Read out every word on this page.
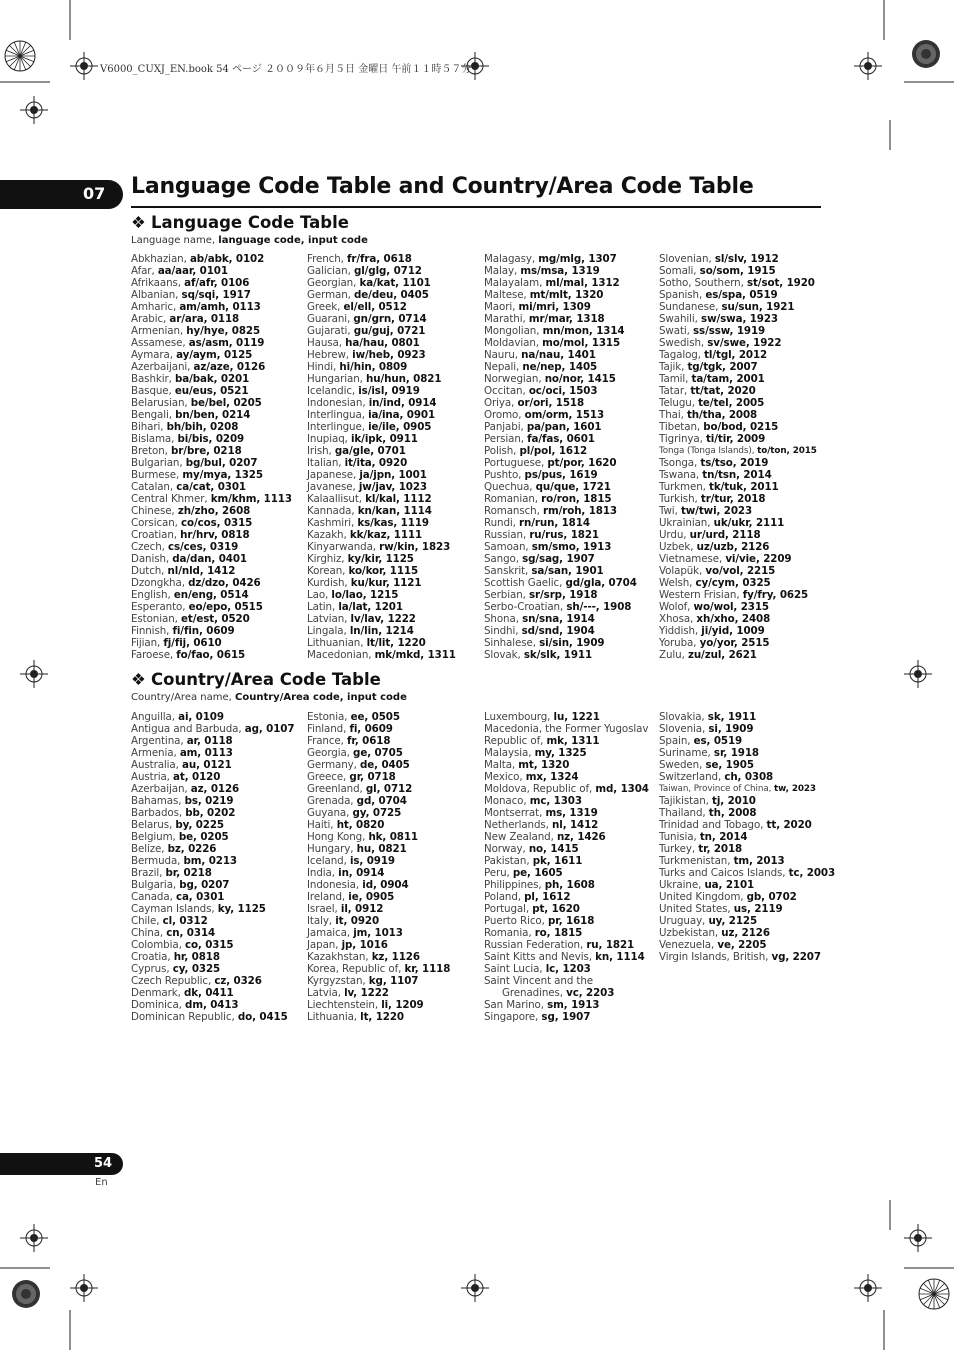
V6000_CUXJ_EN.book 54 ページ ２００９年６月５日 金曜日 午前１１時５７分
07 Language Code Table and Country/Area Code Table
❖ Language Code Table
Language name, language code, input code
Abkhazian, ab/abk, 0102
Afar, aa/aar, 0101
Afrikaans, af/afr, 0106
Albanian, sq/sqi, 1917
Amharic, am/amh, 0113
Arabic, ar/ara, 0118
Armenian, hy/hye, 0825
Assamese, as/asm, 0119
Aymara, ay/aym, 0125
Azerbaijani, az/aze, 0126
Bashkir, ba/bak, 0201
Basque, eu/eus, 0521
Belarusian, be/bel, 0205
Bengali, bn/ben, 0214
Bihari, bh/bih, 0208
Bislama, bi/bis, 0209
Breton, br/bre, 0218
Bulgarian, bg/bul, 0207
Burmese, my/mya, 1325
Catalan, ca/cat, 0301
Central Khmer, km/khm, 1113
Chinese, zh/zho, 2608
Corsican, co/cos, 0315
Croatian, hr/hrv, 0818
Czech, cs/ces, 0319
Danish, da/dan, 0401
Dutch, nl/nld, 1412
Dzongkha, dz/dzo, 0426
English, en/eng, 0514
Esperanto, eo/epo, 0515
Estonian, et/est, 0520
Finnish, fi/fin, 0609
Fijian, fj/fij, 0610
Faroese, fo/fao, 0615
French, fr/fra, 0618
Galician, gl/glg, 0712
Georgian, ka/kat, 1101
German, de/deu, 0405
Greek, el/ell, 0512
Guarani, gn/grn, 0714
Gujarati, gu/guj, 0721
Hausa, ha/hau, 0801
Hebrew, iw/heb, 0923
Hindi, hi/hin, 0809
Hungarian, hu/hun, 0821
Icelandic, is/isl, 0919
Indonesian, in/ind, 0914
Interlingua, ia/ina, 0901
Interlingue, ie/ile, 0905
Inupiaq, ik/ipk, 0911
Irish, ga/gle, 0701
Italian, it/ita, 0920
Japanese, ja/jpn, 1001
Javanese, jw/jav, 1023
Kalaallisut, kl/kal, 1112
Kannada, kn/kan, 1114
Kashmiri, ks/kas, 1119
Kazakh, kk/kaz, 1111
Kinyarwanda, rw/kin, 1823
Kirghiz, ky/kir, 1125
Korean, ko/kor, 1115
Kurdish, ku/kur, 1121
Lao, lo/lao, 1215
Latin, la/lat, 1201
Latvian, lv/lav, 1222
Lingala, ln/lin, 1214
Lithuanian, lt/lit, 1220
Macedonian, mk/mkd, 1311
Malagasy, mg/mlg, 1307
Malay, ms/msa, 1319
Malayalam, ml/mal, 1312
Maltese, mt/mlt, 1320
Maori, mi/mri, 1309
Marathi, mr/mar, 1318
Mongolian, mn/mon, 1314
Moldavian, mo/mol, 1315
Nauru, na/nau, 1401
Nepali, ne/nep, 1405
Norwegian, no/nor, 1415
Occitan, oc/oci, 1503
Oriya, or/ori, 1518
Oromo, om/orm, 1513
Panjabi, pa/pan, 1601
Persian, fa/fas, 0601
Polish, pl/pol, 1612
Portuguese, pt/por, 1620
Pushto, ps/pus, 1619
Quechua, qu/que, 1721
Romanian, ro/ron, 1815
Romansch, rm/roh, 1813
Rundi, rn/run, 1814
Russian, ru/rus, 1821
Samoan, sm/smo, 1913
Sango, sg/sag, 1907
Sanskrit, sa/san, 1901
Scottish Gaelic, gd/gla, 0704
Serbian, sr/srp, 1918
Serbo-Croatian, sh/---, 1908
Shona, sn/sna, 1914
Sindhi, sd/snd, 1904
Sinhalese, si/sin, 1909
Slovak, sk/slk, 1911
Slovenian, sl/slv, 1912
Somali, so/som, 1915
Sotho, Southern, st/sot, 1920
Spanish, es/spa, 0519
Sundanese, su/sun, 1921
Swahili, sw/swa, 1923
Swati, ss/ssw, 1919
Swedish, sv/swe, 1922
Tagalog, tl/tgl, 2012
Tajik, tg/tgk, 2007
Tamil, ta/tam, 2001
Tatar, tt/tat, 2020
Telugu, te/tel, 2005
Thai, th/tha, 2008
Tibetan, bo/bod, 0215
Tigrinya, ti/tir, 2009
Tonga (Tonga Islands), to/ton, 2015
Tsonga, ts/tso, 2019
Tswana, tn/tsn, 2014
Turkmen, tk/tuk, 2011
Turkish, tr/tur, 2018
Twi, tw/twi, 2023
Ukrainian, uk/ukr, 2111
Urdu, ur/urd, 2118
Uzbek, uz/uzb, 2126
Vietnamese, vi/vie, 2209
Volapük, vo/vol, 2215
Welsh, cy/cym, 0325
Western Frisian, fy/fry, 0625
Wolof, wo/wol, 2315
Xhosa, xh/xho, 2408
Yiddish, ji/yid, 1009
Yoruba, yo/yor, 2515
Zulu, zu/zul, 2621
❖ Country/Area Code Table
Country/Area name, Country/Area code, input code
Anguilla, ai, 0109
Antigua and Barbuda, ag, 0107
Argentina, ar, 0118
Armenia, am, 0113
Australia, au, 0121
Austria, at, 0120
Azerbaijan, az, 0126
Bahamas, bs, 0219
Barbados, bb, 0202
Belarus, by, 0225
Belgium, be, 0205
Belize, bz, 0226
Bermuda, bm, 0213
Brazil, br, 0218
Bulgaria, bg, 0207
Canada, ca, 0301
Cayman Islands, ky, 1125
Chile, cl, 0312
China, cn, 0314
Colombia, co, 0315
Croatia, hr, 0818
Cyprus, cy, 0325
Czech Republic, cz, 0326
Denmark, dk, 0411
Dominica, dm, 0413
Dominican Republic, do, 0415
Estonia, ee, 0505
Finland, fi, 0609
France, fr, 0618
Georgia, ge, 0705
Germany, de, 0405
Greece, gr, 0718
Greenland, gl, 0712
Grenada, gd, 0704
Guyana, gy, 0725
Haiti, ht, 0820
Hong Kong, hk, 0811
Hungary, hu, 0821
Iceland, is, 0919
India, in, 0914
Indonesia, id, 0904
Ireland, ie, 0905
Israel, il, 0912
Italy, it, 0920
Jamaica, jm, 1013
Japan, jp, 1016
Kazakhstan, kz, 1126
Korea, Republic of, kr, 1118
Kyrgyzstan, kg, 1107
Latvia, lv, 1222
Liechtenstein, li, 1209
Lithuania, lt, 1220
Luxembourg, lu, 1221
Macedonia, the Former Yugoslav
Republic of, mk, 1311
Malaysia, my, 1325
Malta, mt, 1320
Mexico, mx, 1324
Moldova, Republic of, md, 1304
Monaco, mc, 1303
Montserrat, ms, 1319
Netherlands, nl, 1412
New Zealand, nz, 1426
Norway, no, 1415
Pakistan, pk, 1611
Peru, pe, 1605
Philippines, ph, 1608
Poland, pl, 1612
Portugal, pt, 1620
Puerto Rico, pr, 1618
Romania, ro, 1815
Russian Federation, ru, 1821
Saint Kitts and Nevis, kn, 1114
Saint Lucia, lc, 1203
Saint Vincent and the
Grenadines, vc, 2203
San Marino, sm, 1913
Singapore, sg, 1907
Slovakia, sk, 1911
Slovenia, si, 1909
Spain, es, 0519
Suriname, sr, 1918
Sweden, se, 1905
Switzerland, ch, 0308
Taiwan, Province of China, tw, 2023
Tajikistan, tj, 2010
Thailand, th, 2008
Trinidad and Tobago, tt, 2020
Tunisia, tn, 2014
Turkey, tr, 2018
Turkmenistan, tm, 2013
Turks and Caicos Islands, tc, 2003
Ukraine, ua, 2101
United Kingdom, gb, 0702
United States, us, 2119
Uruguay, uy, 2125
Uzbekistan, uz, 2126
Venezuela, ve, 2205
Virgin Islands, British, vg, 2207
54
En
